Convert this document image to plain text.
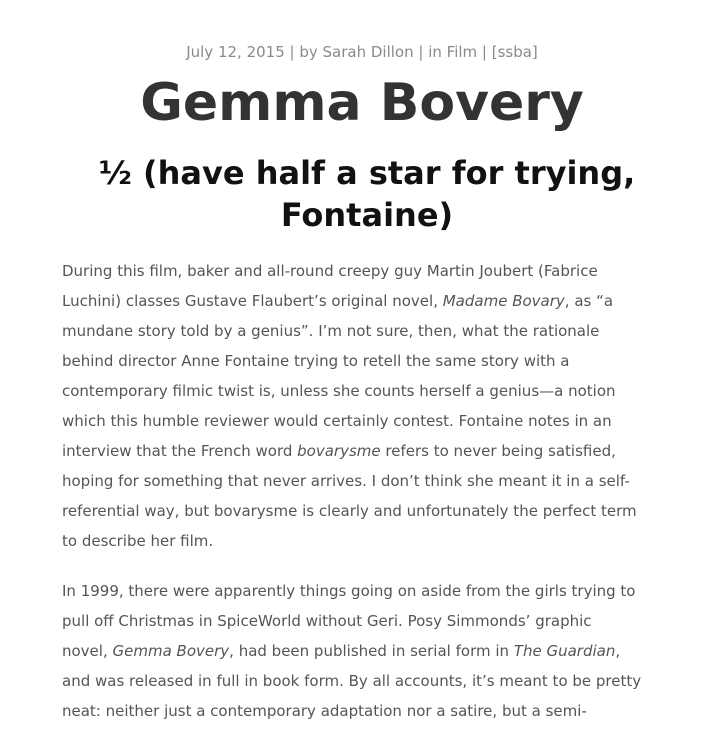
July 12, 2015 | by Sarah Dillon | in Film | [ssba]
Gemma Bovery
½ (have half a star for trying, Fontaine)

During this film, baker and all-round creepy guy Martin Joubert (Fabrice
Luchini) classes Gustave Flaubert’s original novel, Madame Bovary, as “a
mundane story told by a genius”. I’m not sure, then, what the rationale
behind director Anne Fontaine trying to retell the same story with a
contemporary filmic twist is, unless she counts herself a genius—a notion
which this humble reviewer would certainly contest. Fontaine notes in an
interview that the French word bovarysme refers to never being satisfied,
hoping for something that never arrives. I don’t think she meant it in a self-
referential way, but bovarysme is clearly and unfortunately the perfect term
to describe her film.

In 1999, there were apparently things going on aside from the girls trying to
pull off Christmas in SpiceWorld without Geri. Posy Simmonds’ graphic
novel, Gemma Bovery, had been published in serial form in The Guardian,
and was released in full in book form. By all accounts, it’s meant to be pretty
neat: neither just a contemporary adaptation nor a satire, but a semi-
